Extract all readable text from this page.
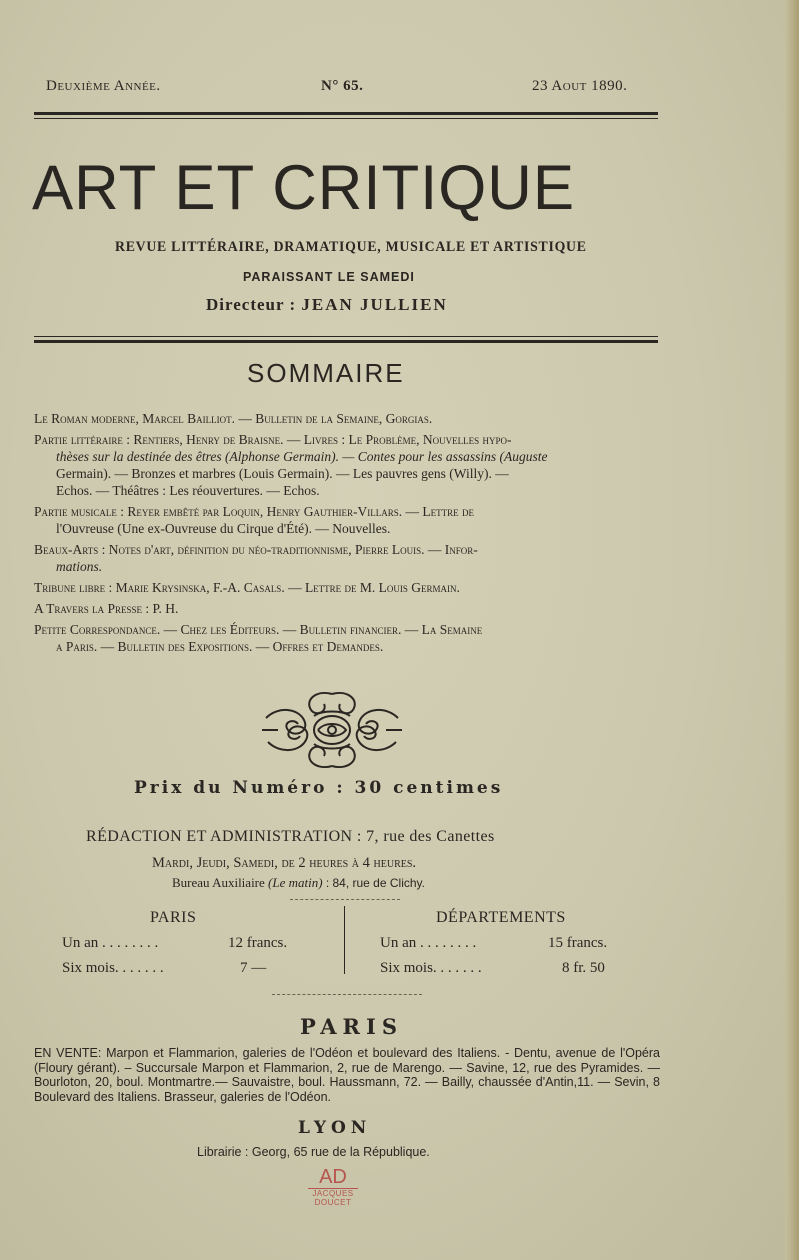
Deuxième Année.	N° 65.	23 Aout 1890.
ART ET CRITIQUE
REVUE LITTÉRAIRE, DRAMATIQUE, MUSICALE ET ARTISTIQUE
PARAISSANT LE SAMEDI
Directeur : JEAN JULLIEN
SOMMAIRE

Le Roman moderne, Marcel Bailliot. — Bulletin de la Semaine, Gorgias.

Partie littéraire : Rentiers, Henry de Braisne. — Livres : Le Problème, Nouvelles hypo-
thèses sur la destinée des êtres (Alphonse Germain). — Contes pour les assassins (Auguste
Germain). — Bronzes et marbres (Louis Germain). — Les pauvres gens (Willy). —
Echos. — Théâtres : Les réouvertures. — Echos.

Partie musicale : Reyer embêté par Loquin, Henry Gauthier-Villars. — Lettre de
l'Ouvreuse (Une ex-Ouvreuse du Cirque d'Été). — Nouvelles.

Beaux-Arts : Notes d'art, définition du néo-traditionnisme, Pierre Louis. — Infor-
mations.

Tribune libre : Marie Krysinska, F.-A. Casals. — Lettre de M. Louis Germain.

A Travers la Presse : P. H.

Petite Correspondance. — Chez les Éditeurs. — Bulletin financier. — La Semaine
a Paris. — Bulletin des Expositions. — Offres et Demandes.

Prix du Numéro : 30 centimes
RÉDACTION ET ADMINISTRATION : 7, rue des Canettes
Mardi, Jeudi, Samedi, de 2 heures à 4 heures.
Bureau Auxiliaire (Le matin) : 84, rue de Clichy.
PARIS	DÉPARTEMENTS
Un an . . . . . . . .	12 francs.
Six mois. . . . . . .	7 —
Un an . . . . . . . .	15 francs.
Six mois. . . . . . .	8 fr. 50
PARIS
EN VENTE: Marpon et Flammarion, galeries de l'Odéon et boulevard des Italiens. - Dentu, avenue de l'Opéra (Floury gérant). – Succursale Marpon et Flammarion, 2, rue de Marengo. — Savine, 12, rue des Pyramides. — Bourloton, 20, boul. Montmartre.— Sauvaistre, boul. Haussmann, 72. — Bailly, chaussée d'Antin,11. — Sevin, 8 Boulevard des Italiens. Brasseur, galeries de l'Odéon.
LYON
Librairie : Georg, 65 rue de la République.
AD
JACQUES
DOUCET
